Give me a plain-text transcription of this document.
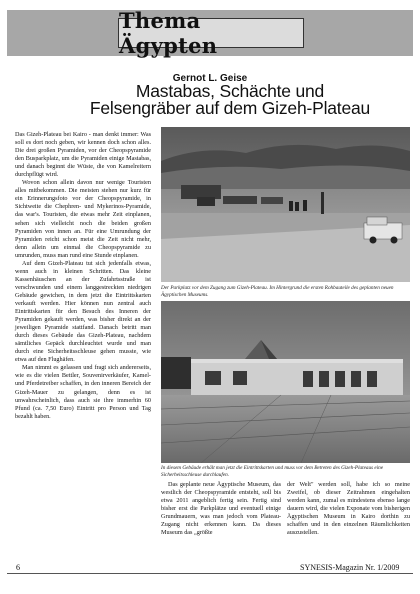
Thema Ägypten
Gernot L. Geise
Mastabas, Schächte und
Felsengräber auf dem Gizeh-Plateau

Das Gizeh-Plateau bei Kairo - man denkt immer: Was soll es dort noch geben, wir kennen doch schon alles. Die drei großen Pyramiden, vor der Cheopspyramide den Busparkplatz, um die Pyramiden einige Mastabas, und danach beginnt die Wüste, die von Kamelreitern durchpflügt wird.

Wovon schon allein davon nur wenige Touristen alles mitbekommen. Die meisten stehen nur kurz für ein Erinnerungsfoto vor der Cheopspyramide, in Sichtweite die Chephren- und Mykerinos-Pyramide, das war's. Touristen, die etwas mehr Zeit einplanen, sehen sich vielleicht noch die beiden großen Pyramiden von innen an. Für eine Umrundung der Pyramiden reicht schon meist die Zeit nicht mehr, denn allein um einmal die Cheopspyramide zu umrunden, muss man rund eine Stunde einplanen.

Auf dem Gizeh-Plateau tut sich jedenfalls etwas, wenn auch in kleinen Schritten. Das kleine Kassenhäuschen an der Zufahrtsstraße ist verschwunden und einem langgestreckten niedrigen Gebäude gewichen, in dem jetzt die Eintrittskarten verkauft werden. Hier können nun zentral auch Eintrittskarten für den Besuch des Inneren der Pyramiden gekauft werden, was bisher direkt an der jeweiligen Pyramide stattfand. Danach betritt man durch dieses Gebäude das Gizeh-Plateau, nachdem sämtliches Gepäck durchleuchtet wurde und man durch eine Sicherheitsschleuse gehen musste, wie etwa auf den Flughäfen.

Man nimmt es gelassen und fragt sich andererseits, wie es die vielen Bettler, Souvenirverkäufer, Kamel- und Pferdetreiber schaffen, in den inneren Bereich der Gizeh-Mauer zu gelangen, denn es ist unwahrscheinlich, dass auch sie ihre immerhin 60 Pfund (ca. 7,50 Euro) Eintritt pro Person und Tag bezahlt haben.

Der Parkplatz vor dem Zugang zum Gizeh-Plateau. Im Hintergrund die ersten Rohbauteile des geplanten neuen Ägyptischen Museums.
In diesem Gebäude erhält man jetzt die Eintrittskarten und muss vor dem Betreten des Gizeh-Plateaus eine Sicherheitsschleuse durchlaufen.

Das geplante neue Ägyptische Museum, das westlich der Cheopspyramide entsteht, soll bis etwa 2011 angeblich fertig sein. Fertig sind bisher erst die Parkplätze und eventuell einige Grundmauern, was man jedoch vom Plateau-Zugang nicht erkennen kann. Da dieses Museum das „größte

der Welt" werden soll, habe ich so meine Zweifel, ob dieser Zeitrahmen eingehalten werden kann, zumal es mindestens ebenso lange dauern wird, die vielen Exponate vom bisherigen Ägyptischen Museum in Kairo dorthin zu schaffen und in den einzelnen Räumlichkeiten auszustellen.

6	SYNESIS-Magazin Nr. 1/2009
